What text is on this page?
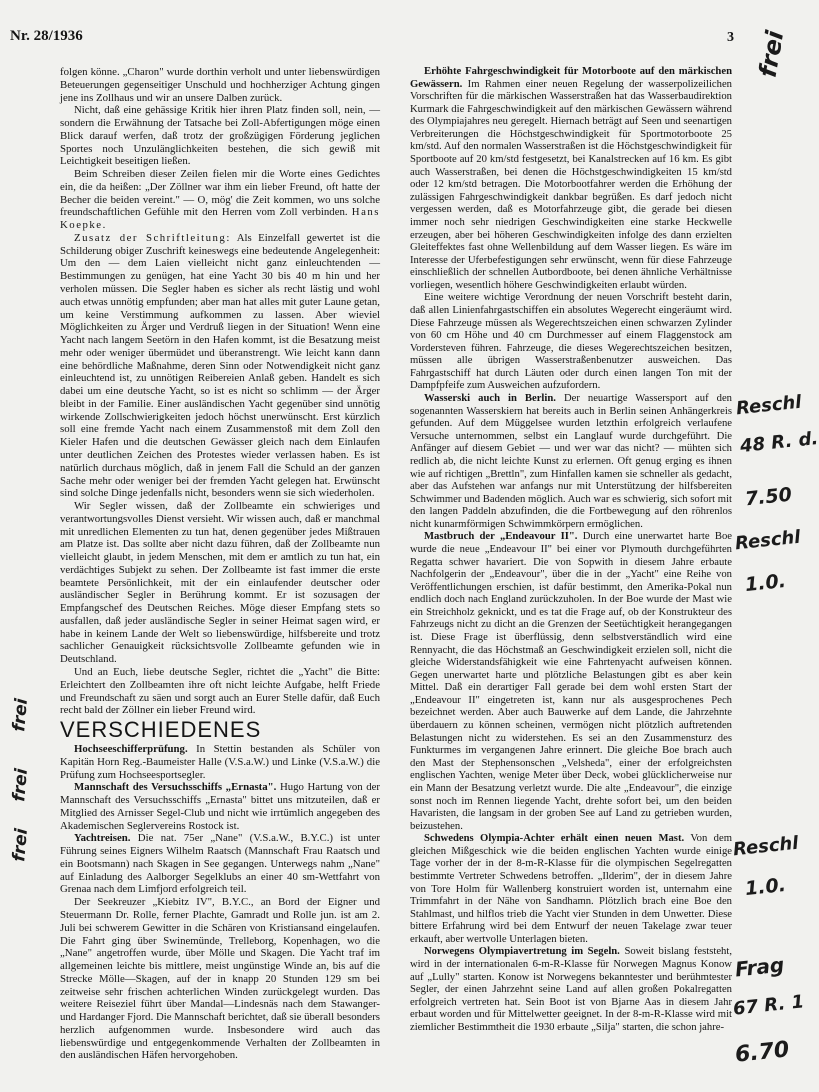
Nr. 28/1936	3

folgen könne. „Charon" wurde dorthin verholt und unter liebenswürdigen Beteuerungen gegenseitiger Unschuld und hochherziger Achtung gingen jene ins Zollhaus und wir an unsere Dalben zurück.

Nicht, daß eine gehässige Kritik hier ihren Platz finden soll, nein, — sondern die Erwähnung der Tatsache bei Zoll-Abfertigungen möge einen Blick darauf werfen, daß trotz der großzügigen Förderung jeglichen Sportes noch Unzulänglichkeiten bestehen, die sich gewiß mit Leichtigkeit beseitigen ließen.

Beim Schreiben dieser Zeilen fielen mir die Worte eines Gedichtes ein, die da heißen: „Der Zöllner war ihm ein lieber Freund, oft hatte der Becher die beiden vereint." — O, mög' die Zeit kommen, wo uns solche freundschaftlichen Gefühle mit den Herren vom Zoll verbinden. Hans Koepke.

Zusatz der Schriftleitung: Als Einzelfall gewertet ist die Schilderung obiger Zuschrift keineswegs eine bedeutende Angelegenheit: Um den — dem Laien vielleicht nicht ganz einleuchtenden — Bestimmungen zu genügen, hat eine Yacht 30 bis 40 m hin und her verholen müssen. Die Segler haben es sicher als recht lästig und wohl auch etwas unnötig empfunden; aber man hat alles mit guter Laune getan, um keine Verstimmung aufkommen zu lassen. Aber wieviel Möglichkeiten zu Ärger und Verdruß liegen in der Situation! Wenn eine Yacht nach langem Seetörn in den Hafen kommt, ist die Besatzung meist mehr oder weniger übermüdet und überanstrengt. Wie leicht kann dann eine behördliche Maßnahme, deren Sinn oder Notwendigkeit nicht ganz einleuchtend ist, zu unnötigen Reibereien Anlaß geben. Handelt es sich dabei um eine deutsche Yacht, so ist es nicht so schlimm — der Ärger bleibt in der Familie. Einer ausländischen Yacht gegenüber sind unnötig wirkende Zollschwierigkeiten jedoch höchst unerwünscht. Erst kürzlich soll eine fremde Yacht nach einem Zusammenstoß mit dem Zoll den Kieler Hafen und die deutschen Gewässer gleich nach dem Einlaufen unter deutlichen Zeichen des Protestes wieder verlassen haben. Es ist natürlich durchaus möglich, daß in jenem Fall die Schuld an der ganzen Sache mehr oder weniger bei der fremden Yacht gelegen hat. Erwünscht sind solche Dinge jedenfalls nicht, besonders wenn sie sich wiederholen.

Wir Segler wissen, daß der Zollbeamte ein schwieriges und verantwortungsvolles Dienst versieht. Wir wissen auch, daß er manchmal mit unredlichen Elementen zu tun hat, denen gegenüber jedes Mißtrauen am Platze ist. Das sollte aber nicht dazu führen, daß der Zollbeamte nun vielleicht glaubt, in jedem Menschen, mit dem er amtlich zu tun hat, ein verdächtiges Subjekt zu sehen. Der Zollbeamte ist fast immer die erste beamtete Persönlichkeit, mit der ein einlaufender deutscher oder ausländischer Segler in Berührung kommt. Er ist sozusagen der Empfangschef des Deutschen Reiches. Möge dieser Empfang stets so ausfallen, daß jeder ausländische Segler in seiner Heimat sagen wird, er habe in keinem Lande der Welt so liebenswürdige, hilfsbereite und trotz sachlicher Genauigkeit rücksichtsvolle Zollbeamte gefunden wie in Deutschland.

Und an Euch, liebe deutsche Segler, richtet die „Yacht" die Bitte: Erleichtert den Zollbeamten ihre oft nicht leichte Aufgabe, helft Friede und Freundschaft zu säen und sorgt auch an Eurer Stelle dafür, daß Euch recht bald der Zöllner ein lieber Freund wird.

VERSCHIEDENES

Hochseeschifferprüfung. In Stettin bestanden als Schüler von Kapitän Horn Reg.-Baumeister Halle (V.S.a.W.) und Linke (V.S.a.W.) die Prüfung zum Hochseesportsegler.

Mannschaft des Versuchsschiffs „Ernasta". Hugo Hartung von der Mannschaft des Versuchsschiffs „Ernasta" bittet uns mitzuteilen, daß er Mitglied des Arnisser Segel-Club und nicht wie irrtümlich angegeben des Akademischen Seglervereins Rostock ist.

Yachtreisen. Die nat. 75er „Nane" (V.S.a.W., B.Y.C.) ist unter Führung seines Eigners Wilhelm Raatsch (Mannschaft Frau Raatsch und ein Bootsmann) nach Skagen in See gegangen. Unterwegs nahm „Nane" auf Einladung des Aalborger Segelklubs an einer 40 sm-Wettfahrt von Grenaa nach dem Limfjord erfolgreich teil.

Der Seekreuzer „Kiebitz IV", B.Y.C., an Bord der Eigner und Steuermann Dr. Rolle, ferner Plachte, Gamradt und Rolle jun. ist am 2. Juli bei schwerem Gewitter in die Schären von Kristiansand eingelaufen. Die Fahrt ging über Swinemünde, Trelleborg, Kopenhagen, wo die „Nane" angetroffen wurde, über Mölle und Skagen. Die Yacht traf im allgemeinen leichte bis mittlere, meist ungünstige Winde an, bis auf die Strecke Mölle—Skagen, auf der in knapp 20 Stunden 129 sm bei zeitweise sehr frischen achterlichen Winden zurückgelegt wurden. Das weitere Reiseziel führt über Mandal—Lindesnäs nach dem Stawanger- und Hardanger Fjord. Die Mannschaft berichtet, daß sie überall besonders herzlich aufgenommen wurde. Insbesondere wird auch das liebenswürdige und entgegenkommende Verhalten der Zollbeamten in den ausländischen Häfen hervorgehoben.

Erhöhte Fahrgeschwindigkeit für Motorboote auf den märkischen Gewässern. Im Rahmen einer neuen Regelung der wasserpolizeilichen Vorschriften für die märkischen Wasserstraßen hat das Wasserbaudirektion Kurmark die Fahrgeschwindigkeit auf den märkischen Gewässern während des Olympiajahres neu geregelt. Hiernach beträgt auf Seen und seenartigen Verbreiterungen die Höchstgeschwindigkeit für Sportmotorboote 25 km/std. Auf den normalen Wasserstraßen ist die Höchstgeschwindigkeit für Sportboote auf 20 km/std festgesetzt, bei Kanalstrecken auf 16 km. Es gibt auch Wasserstraßen, bei denen die Höchstgeschwindigkeiten 15 km/std oder 12 km/std betragen. Die Motorbootfahrer werden die Erhöhung der zulässigen Fahrgeschwindigkeit dankbar begrüßen. Es darf jedoch nicht vergessen werden, daß es Motorfahrzeuge gibt, die gerade bei diesen immer noch sehr niedrigen Geschwindigkeiten eine starke Heckwelle erzeugen, aber bei höheren Geschwindigkeiten infolge des dann erzielten Gleiteffektes fast ohne Wellenbildung auf dem Wasser liegen. Es wäre im Interesse der Uferbefestigungen sehr erwünscht, wenn für diese Fahrzeuge einschließlich der schnellen Autbordboote, bei denen ähnliche Verhältnisse vorliegen, wesentlich höhere Geschwindigkeiten erlaubt würden.

Eine weitere wichtige Verordnung der neuen Vorschrift besteht darin, daß allen Linienfahrgastschiffen ein absolutes Wegerecht eingeräumt wird. Diese Fahrzeuge müssen als Wegerechtszeichen einen schwarzen Zylinder von 60 cm Höhe und 40 cm Durchmesser auf einem Flaggenstock am Vordersteven führen. Fahrzeuge, die dieses Wegerechtszeichen besitzen, müssen alle übrigen Wasserstraßenbenutzer ausweichen. Das Fahrgastschiff hat durch Läuten oder durch einen langen Ton mit der Dampfpfeife zum Ausweichen aufzufordern.

Wasserski auch in Berlin. Der neuartige Wassersport auf den sogenannten Wasserskiern hat bereits auch in Berlin seinen Anhängerkreis gefunden. Auf dem Müggelsee wurden letzthin erfolgreich verlaufene Versuche unternommen, selbst ein Langlauf wurde durchgeführt. Die Anfänger auf diesem Gebiet — und wer war das nicht? — mühten sich redlich ab, die nicht leichte Kunst zu erlernen. Oft genug erging es ihnen wie auf richtigen „Brettln", zum Hinfallen kamen sie schneller als gedacht, aber das Aufstehen war anfangs nur mit Unterstützung der hilfsbereiten Schwimmer und Badenden möglich. Auch war es schwierig, sich sofort mit den langen Paddeln abzufinden, die die Fortbewegung auf den röhrenlos nicht kunarmförmigen Schwimmkörpern ermöglichen.

Mastbruch der „Endeavour II". Durch eine unerwartet harte Boe wurde die neue „Endeavour II" bei einer vor Plymouth durchgeführten Regatta schwer havariert. Die von Sopwith in diesem Jahre erbaute Nachfolgerin der „Endeavour", über die in der „Yacht" eine Reihe von Veröffentlichungen erschien, ist dafür bestimmt, den Amerika-Pokal nun endlich doch nach England zurückzuholen. In der Boe wurde der Mast wie ein Streichholz geknickt, und es tat die Frage auf, ob der Konstrukteur des Fahrzeugs nicht zu dicht an die Grenzen der Seetüchtigkeit herangegangen ist. Diese Frage ist überflüssig, denn selbstverständlich wird eine Rennyacht, die das Höchstmaß an Geschwindigkeit erzielen soll, nicht die gleiche Widerstandsfähigkeit wie eine Fahrtenyacht aufweisen können. Gegen unerwartet harte und plötzliche Belastungen gibt es aber kein Mittel. Daß ein derartiger Fall gerade bei dem wohl ersten Start der „Endeavour II" eingetreten ist, kann nur als ausgesprochenes Pech bezeichnet werden. Aber auch Bauwerke auf dem Lande, die Jahrzehnte überdauern zu können scheinen, vermögen nicht plötzlich auftretenden Belastungen nicht zu widerstehen. Es sei an den Zusammensturz des Funkturmes im vergangenen Jahre erinnert. Die gleiche Boe brach auch den Mast der Stephensonschen „Velsheda", einer der erfolgreichsten englischen Yachten, wenige Meter über Deck, wobei glücklicherweise nur ein Mann der Besatzung verletzt wurde. Die alte „Endeavour", die einzige sonst noch im Rennen liegende Yacht, drehte sofort bei, um den beiden Havaristen, die langsam in der groben See auf Land zu getrieben wurden, beizustehen.

Schwedens Olympia-Achter erhält einen neuen Mast. Von dem gleichen Mißgeschick wie die beiden englischen Yachten wurde einige Tage vorher der in der 8-m-R-Klasse für die olympischen Segelregatten bestimmte Vertreter Schwedens betroffen. „Ilderim", der in diesem Jahre von Tore Holm für Wallenberg konstruiert worden ist, unternahm eine Trimmfahrt in der Nähe von Sandhamn. Plötzlich brach eine Boe den Stahlmast, und hilflos trieb die Yacht vier Stunden in dem Unwetter. Diese bittere Erfahrung wird bei dem Entwurf der neuen Takelage zwar teuer erkauft, aber wertvolle Unterlagen bieten.

Norwegens Olympiavertretung im Segeln. Soweit bislang feststeht, wird in der internationalen 6-m-R-Klasse für Norwegen Magnus Konow auf „Lully" starten. Konow ist Norwegens bekanntester und berühmtester Segler, der einen Jahrzehnt seine Land auf allen großen Pokalregatten erfolgreich vertreten hat. Sein Boot ist von Bjarne Aas in diesem Jahr erbaut worden und für Mittelwetter geeignet. In der 8-m-R-Klasse wird mit ziemlicher Bestimmtheit die 1930 erbaute „Silja" starten, die schon jahre-

frei
Reschl
48 R. d.
7.50
Reschl
1.0.
Reschl
1.0.
Frag
67 R. 1
6.70
frei
frei
frei
